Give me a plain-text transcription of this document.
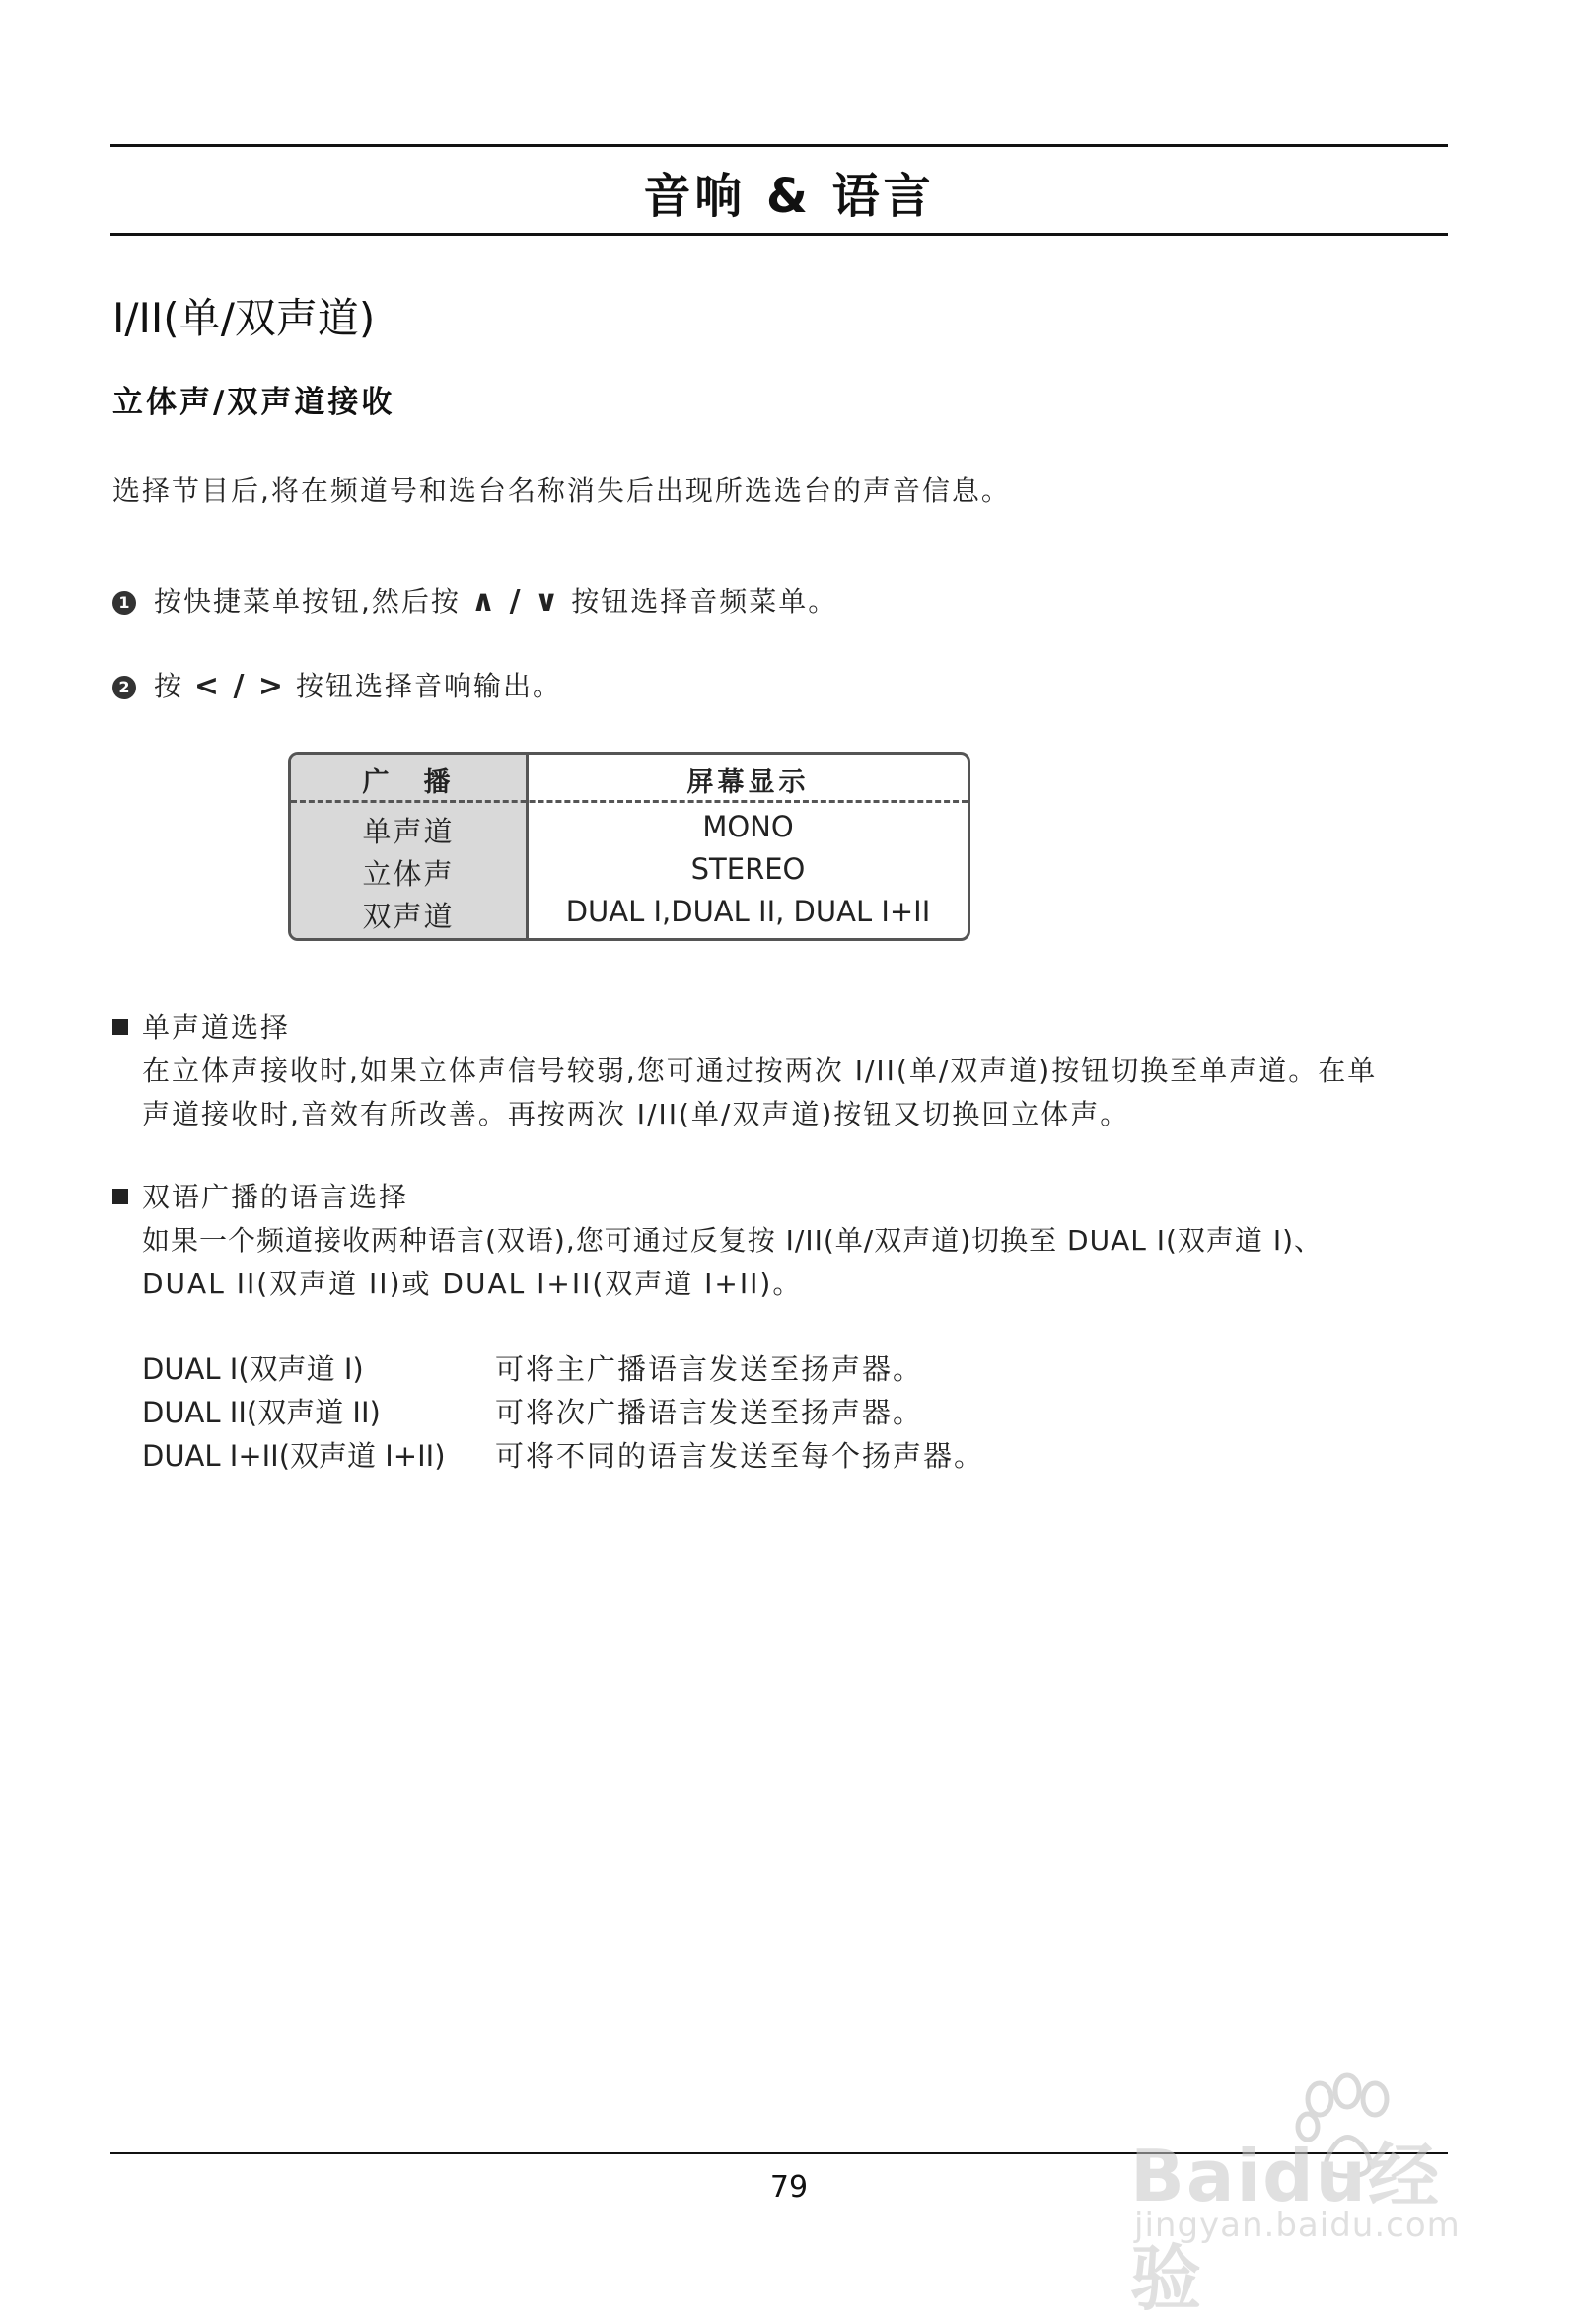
音响 & 语言
I/II(单/双声道)
立体声/双声道接收
选择节目后,将在频道号和选台名称消失后出现所选选台的声音信息。
1 按快捷菜单按钮,然后按 ∧ / ∨ 按钮选择音频菜单。
2 按 < / > 按钮选择音响输出。
广　播	屏幕显示
单声道	MONO
立体声	STEREO
双声道	DUAL I,DUAL II, DUAL I+II
单声道选择
在立体声接收时,如果立体声信号较弱,您可通过按两次 I/II(单/双声道)按钮切换至单声道。在单
声道接收时,音效有所改善。再按两次 I/II(单/双声道)按钮又切换回立体声。
双语广播的语言选择
如果一个频道接收两种语言(双语),您可通过反复按 I/II(单/双声道)切换至 DUAL I(双声道 I)、
DUAL II(双声道 II)或 DUAL I+II(双声道 I+II)。
DUAL I(双声道 I)	可将主广播语言发送至扬声器。
DUAL II(双声道 II)	可将次广播语言发送至扬声器。
DUAL I+II(双声道 I+II) 可将不同的语言发送至每个扬声器。
79	Baidu经验
jingyan.baidu.com
